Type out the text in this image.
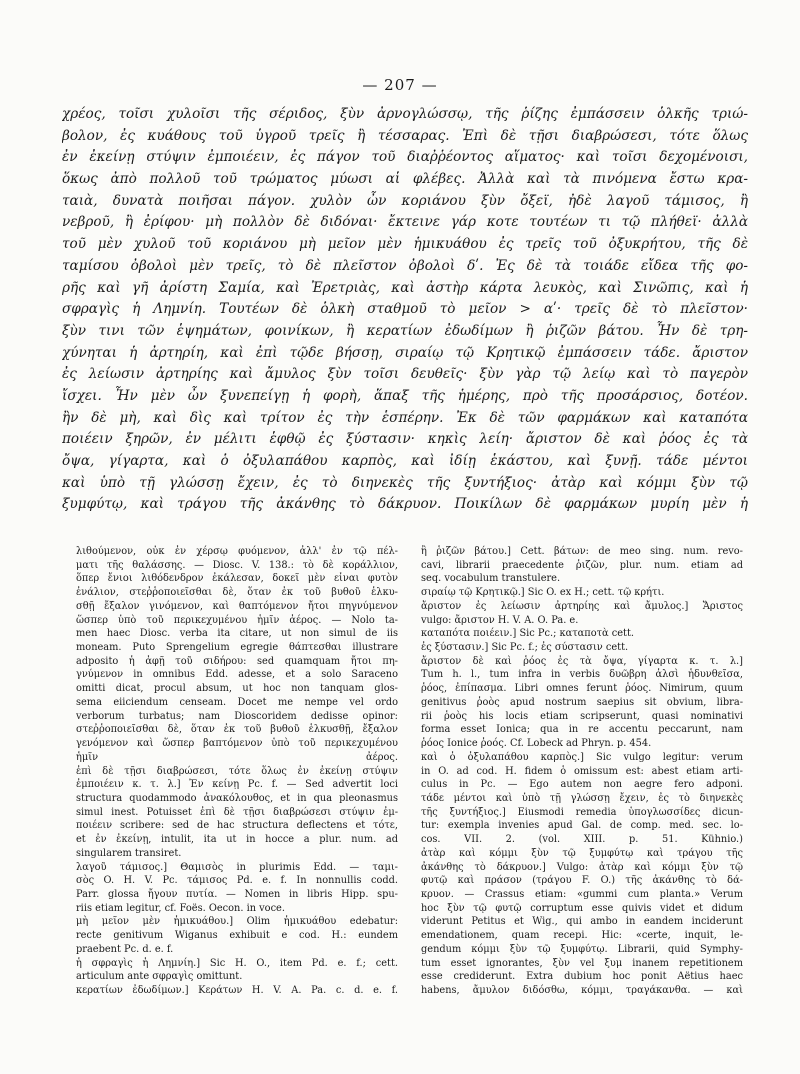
— 207 —
χρέος, τοῖσι χυλοῖσι τῆς σέριδος, ξὺν ἀρνογλώσσῳ, τῆς ῥίζης ἐμπάσσειν ὁλκῆς τριώ-
βολον, ἐς κυάθους τοῦ ὑγροῦ τρεῖς ἢ τέσσαρας. Ἐπὶ δὲ τῇσι διαβρώσεσι, τότε ὅλως
ἐν ἐκείνῃ στύψιν ἐμποιέειν, ἐς πάγον τοῦ διαῤῥέοντος αἵματος· καὶ τοῖσι δεχομένοισι,
ὅκως ἀπὸ πολλοῦ τοῦ τρώματος μύωσι αἱ φλέβες. Ἀλλὰ καὶ τὰ πινόμενα ἔστω κρα-
ταιὰ, δυνατὰ ποιῆσαι πάγον. χυλὸν ὦν κοριάνου ξὺν ὄξεϊ, ἠδὲ λαγοῦ τάμισος, ἢ
νεβροῦ, ἢ ἐρίφου· μὴ πολλὸν δὲ διδόναι· ἔκτεινε γάρ κοτε τουτέων τι τῷ πλήθεϊ· ἀλλὰ
τοῦ μὲν χυλοῦ τοῦ κοριάνου μὴ μεῖον μὲν ἡμικυάθου ἐς τρεῖς τοῦ ὀξυκρήτου, τῆς δὲ
ταμίσου ὀβολοὶ μὲν τρεῖς, τὸ δὲ πλεῖστον ὀβολοὶ δʹ. Ἐς δὲ τὰ τοιάδε εἴδεα τῆς φο-
ρῆς καὶ γῆ ἀρίστη Σαμία, καὶ Ἐρετριὰς, καὶ ἀστὴρ κάρτα λευκὸς, καὶ Σινῶπις, καὶ ἡ
σφραγὶς ἡ Λημνίη. Τουτέων δὲ ὁλκὴ σταθμοῦ τὸ μεῖον > αʹ· τρεῖς δὲ τὸ πλεῖστον·
ξὺν τινι τῶν ἑψημάτων, φοινίκων, ἢ κερατίων ἐδωδίμων ἢ ῥιζῶν βάτου. Ἦν δὲ τρη-
χύνηται ἡ ἀρτηρίη, καὶ ἐπὶ τῷδε βήσσῃ, σιραίῳ τῷ Κρητικῷ ἐμπάσσειν τάδε. ἄριστον
ἐς λείωσιν ἀρτηρίης καὶ ἄμυλος ξὺν τοῖσι δευθεῖς· ξὺν γὰρ τῷ λείῳ καὶ τὸ παγερὸν
ἴσχει. Ἦν μὲν ὦν ξυνεπείγῃ ἡ φορὴ, ἅπαξ τῆς ἡμέρης, πρὸ τῆς προσάρσιος, δοτέον.
ἢν δὲ μὴ, καὶ δὶς καὶ τρίτον ἐς τὴν ἑσπέρην. Ἐκ δὲ τῶν φαρμάκων καὶ καταπότα
ποιέειν ξηρῶν, ἐν μέλιτι ἑφθῷ ἐς ξύστασιν· κηκὶς λείη· ἄριστον δὲ καὶ ῥόος ἐς τὰ
ὄψα, γίγαρτα, καὶ ὁ ὀξυλαπάθου καρπὸς, καὶ ἰδίῃ ἑκάστου, καὶ ξυνῇ. τάδε μέντοι
καὶ ὑπὸ τῇ γλώσσῃ ἔχειν, ἐς τὸ διηνεκὲς τῆς ξυντήξιος· ἀτὰρ καὶ κόμμι ξὺν τῷ
ξυμφύτῳ, καὶ τράγου τῆς ἀκάνθης τὸ δάκρυον. Ποικίλων δὲ φαρμάκων μυρίη μὲν ἡ
λιθούμενον, οὐκ ἐν χέρσῳ φυόμενον, ἀλλ' ἐν τῷ πέλ-
ματι τῆς θαλάσσης. — Diosc. V. 138.: τὸ δὲ κοράλλιον,
ὅπερ ἔνιοι λιθόδενδρον ἐκάλεσαν, δοκεῖ μὲν εἶναι φυτὸν
ἐνάλιον, στεῤῥοποιεῖσθαι δὲ, ὅταν ἐκ τοῦ βυθοῦ ἑλκυ-
σθῇ ἔξαλον γινόμενον, καὶ θαπτόμενον ἤτοι πηγνύμενον
ὥσπερ ὑπὸ τοῦ περικεχυμένου ἡμῖν ἀέρος. — Nolo ta-
men haec Diosc. verba ita citare, ut non simul de iis
moneam. Puto Sprengelium egregie θάπτεσθαι illustrare
adposito ἡ ἀφῇ τοῦ σιδήρου: sed quamquam ἤτοι πη-
γνύμενον in omnibus Edd. adesse, et a solo Saraceno
omitti dicat, procul absum, ut hoc non tanquam glos-
sema eiiciendum censeam. Docet me nempe vel ordo
verborum turbatus; nam Dioscoridem dedisse opinor:
στεῤῥοποιεῖσθαι δὲ, ὅταν ἐκ τοῦ βυθοῦ ἑλκυσθῇ, ἔξαλον
γενόμενον καὶ ὥσπερ βαπτόμενον ὑπὸ τοῦ περικεχυμένου
ἡμῖν ἀέρος.
ἐπὶ δὲ τῇσι διαβρώσεσι, τότε ὅλως ἐν ἐκείνῃ στύψιν
ἐμποιέειν κ. τ. λ.] Ἐν κείνῃ Pc. f. — Sed advertit loci
structura quodammodo ἀνακόλουθος, et in qua pleonasmus
simul inest. Potuisset ἐπὶ δὲ τῇσι διαβρώσεσι στύψιν ἐμ-
ποιέειν scribere: sed de hac structura deflectens et τότε,
et ἐν ἐκείνῃ, intulit, ita ut in hocce a plur. num. ad
singularem transiret.
λαγοῦ τάμισος.] Θαμισὸς in plurimis Edd. — ταμι-
σὸς O. H. V. Pc. τάμισος Pd. e. f. In nonnullis codd.
Parr. glossa ἤγουν πυτία. — Nomen in libris Hipp. spu-
riis etiam legitur, cf. Foës. Oecon. in voce.
μὴ μεῖον μὲν ἡμικυάθου.] Olim ἡμικυάθου edebatur:
recte genitivum Wiganus exhibuit e cod. H.: eundem
praebent Pc. d. e. f.
ἡ σφραγὶς ἡ Λημνίη.] Sic H. O., item Pd. e. f.; cett.
articulum ante σφραγὶς omittunt.
κερατίων ἐδωδίμων.] Κεράτων H. V. A. Pa. c. d. e. f.
ἢ ῥιζῶν βάτου.] Cett. βάτων: de meo sing. num. revo-
cavi, librarii praecedente ῥιζῶν, plur. num. etiam ad
seq. vocabulum transtulere.
σιραίῳ τῷ Κρητικῷ.] Sic O. ex H.; cett. τῷ κρήτι.
ἄριστον ἐς λείωσιν ἀρτηρίης καὶ ἄμυλος.] Ἄριστος
vulgo: ἄριστον H. V. A. O. Pa. e.
καταπότα ποιέειν.] Sic Pc.; καταποτὰ cett.
ἐς ξύστασιν.] Sic Pc. f.; ἐς σύστασιν cett.
ἄριστον δὲ καὶ ῥόος ἐς τὰ ὄψα, γίγαρτα κ. τ. λ.]
Tum h. l., tum infra in verbis δυῶβρη ἁλσὶ ἡδυνθεῖσα,
ῥόος, ἐπίπασμα. Libri omnes ferunt ῥόος. Nimirum, quum
genitivus ῥοὸς apud nostrum saepius sit obvium, libra-
rii ῥοὸς his locis etiam scripserunt, quasi nominativi
forma esset Ionica; qua in re accentu peccarunt, nam
ῥόος Ionice ῥοός. Cf. Lobeck ad Phryn. p. 454.
καὶ ὁ ὀξυλαπάθου καρπὸς.] Sic vulgo legitur: verum
in O. ad cod. H. fidem ὁ omissum est: abest etiam arti-
culus in Pc. — Ego autem non aegre fero adponi.
τάδε μέντοι καὶ ὑπὸ τῇ γλώσσῃ ἔχειν, ἐς τὸ διηνεκὲς
τῆς ξυντήξιος.] Eiusmodi remedia ὑπογλωσσίδες dicun-
tur: exempla invenies apud Gal. de comp. med. sec. lo-
cos. VII. 2. (vol. XIII. p. 51. Kühnio.)
ἀτὰρ καὶ κόμμι ξὺν τῷ ξυμφύτῳ καὶ τράγου τῆς
ἀκάνθης τὸ δάκρυον.] Vulgo: ἀτὰρ καὶ κόμμι ξὺν τῷ
φυτῷ καὶ πράσον (τράγου F. O.) τῆς ἀκάνθης τὸ δά-
κρυον. — Crassus etiam: «gummi cum planta.» Verum
hoc ξὺν τῷ φυτῷ corruptum esse quivis videt et didum
viderunt Petitus et Wig., qui ambo in eandem inciderunt
emendationem, quam recepi. Hic: «certe, inquit, le-
gendum κόμμι ξὺν τῷ ξυμφύτῳ. Librarii, quid Symphy-
tum esset ignorantes, ξὺν vel ξυμ inanem repetitionem
esse crediderunt. Extra dubium hoc ponit Aëtius haec
habens, ἄμυλον διδόσθω, κόμμι, τραγάκανθα. — καὶ
